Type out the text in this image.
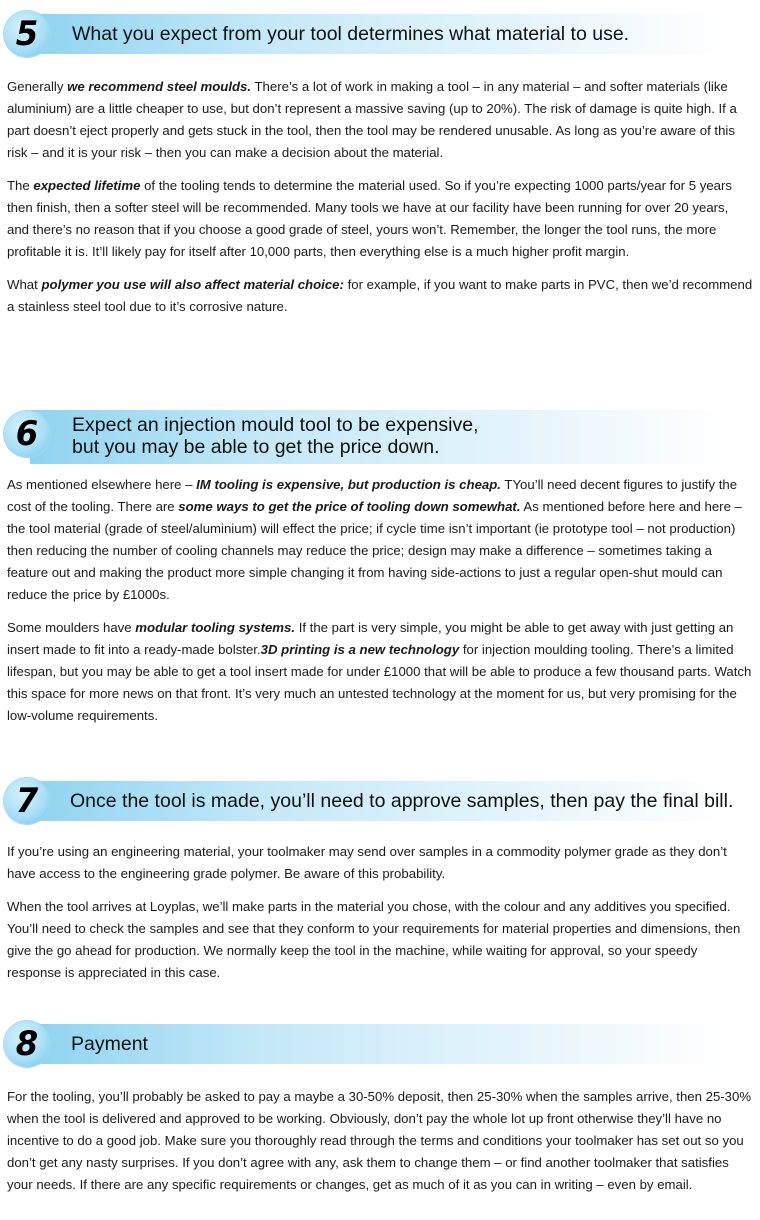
5	What you expect from your tool determines what material to use.

Generally we recommend steel moulds. There’s a lot of work in making a tool – in any material – and softer materials (like aluminium) are a little cheaper to use, but don’t represent a massive saving (up to 20%). The risk of damage is quite high. If a part doesn’t eject properly and gets stuck in the tool, then the tool may be rendered unusable. As long as you’re aware of this risk – and it is your risk – then you can make a decision about the material.

The expected lifetime of the tooling tends to determine the material used. So if you’re expecting 1000 parts/year for 5 years then finish, then a softer steel will be recommended. Many tools we have at our facility have been running for over 20 years, and there’s no reason that if you choose a good grade of steel, yours won’t. Remember, the longer the tool runs, the more profitable it is. It’ll likely pay for itself after 10,000 parts, then everything else is a much higher profit margin.

What polymer you use will also affect material choice: for example, if you want to make parts in PVC, then we’d recommend a stainless steel tool due to it’s corrosive nature.

6	Expect an injection mould tool to be expensive,
but you may be able to get the price down.

As mentioned elsewhere here – IM tooling is expensive, but production is cheap. TYou’ll need decent figures to justify the cost of the tooling. There are some ways to get the price of tooling down somewhat. As mentioned before here and here – the tool material (grade of steel/aluminium) will effect the price; if cycle time isn’t important (ie prototype tool – not production) then reducing the number of cooling channels may reduce the price; design may make a difference – sometimes taking a feature out and making the product more simple changing it from having side-actions to just a regular open-shut mould can reduce the price by £1000s.

Some moulders have modular tooling systems. If the part is very simple, you might be able to get away with just getting an insert made to fit into a ready-made bolster.3D printing is a new technology for injection moulding tooling. There’s a limited lifespan, but you may be able to get a tool insert made for under £1000 that will be able to produce a few thousand parts. Watch this space for more news on that front. It’s very much an untested technology at the moment for us, but very promising for the low-volume requirements.

7	Once the tool is made, you’ll need to approve samples, then pay the final bill.

If you’re using an engineering material, your toolmaker may send over samples in a commodity polymer grade as they don’t have access to the engineering grade polymer. Be aware of this probability.

When the tool arrives at Loyplas, we’ll make parts in the material you chose, with the colour and any additives you specified. You’ll need to check the samples and see that they conform to your requirements for material properties and dimensions, then give the go ahead for production. We normally keep the tool in the machine, while waiting for approval, so your speedy response is appreciated in this case.

8	Payment

For the tooling, you’ll probably be asked to pay a maybe a 30-50% deposit, then 25-30% when the samples arrive, then 25-30% when the tool is delivered and approved to be working. Obviously, don’t pay the whole lot up front otherwise they’ll have no incentive to do a good job. Make sure you thoroughly read through the terms and conditions your toolmaker has set out so you don’t get any nasty surprises. If you don’t agree with any, ask them to change them – or find another toolmaker that satisfies your needs. If there are any specific requirements or changes, get as much of it as you can in writing – even by email.
